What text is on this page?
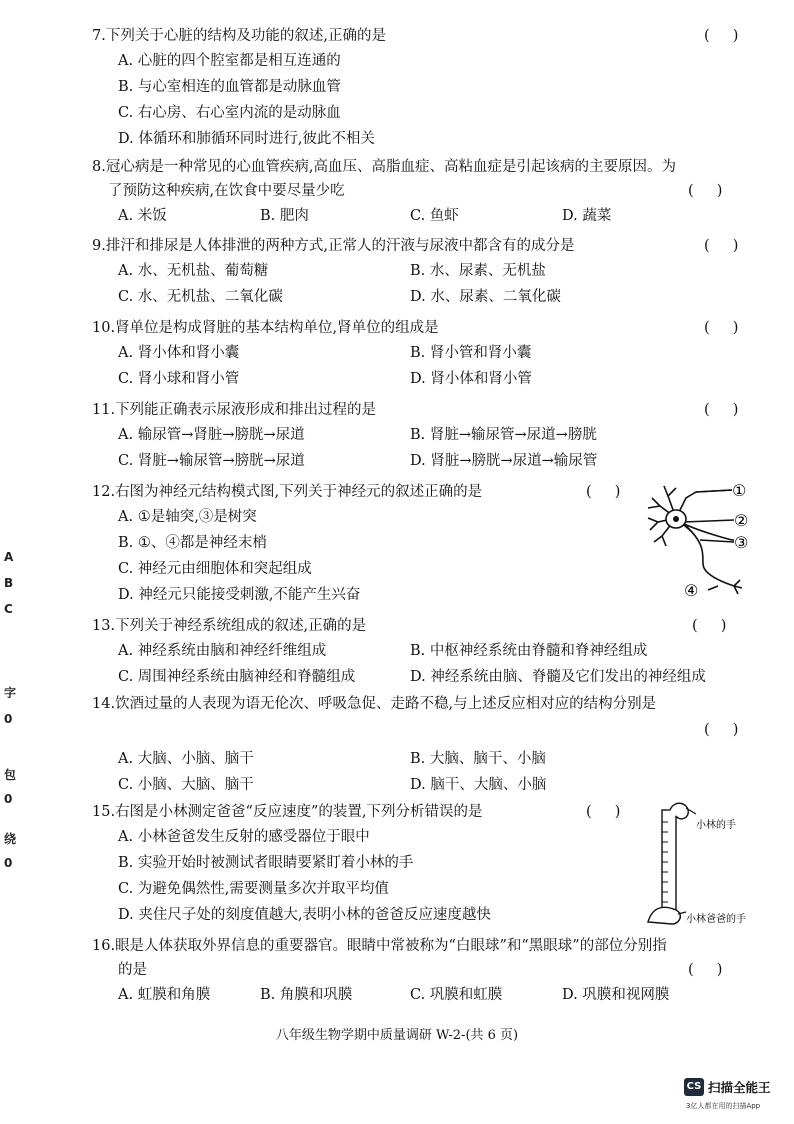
7.下列关于心脏的结构及功能的叙述,正确的是	(     )
A. 心脏的四个腔室都是相互连通的
B. 与心室相连的血管都是动脉血管
C. 右心房、右心室内流的是动脉血
D. 体循环和肺循环同时进行,彼此不相关
8.冠心病是一种常见的心血管疾病,高血压、高脂血症、高粘血症是引起该病的主要原因。为
了预防这种疾病,在饮食中要尽量少吃	(     )
A. 米饭	B. 肥肉	C. 鱼虾	D. 蔬菜
9.排汗和排尿是人体排泄的两种方式,正常人的汗液与尿液中都含有的成分是	(     )
A. 水、无机盐、葡萄糖	B. 水、尿素、无机盐
C. 水、无机盐、二氧化碳	D. 水、尿素、二氧化碳
10.肾单位是构成肾脏的基本结构单位,肾单位的组成是	(     )
A. 肾小体和肾小囊	B. 肾小管和肾小囊
C. 肾小球和肾小管	D. 肾小体和肾小管
11.下列能正确表示尿液形成和排出过程的是	(     )
A. 输尿管→肾脏→膀胱→尿道	B. 肾脏→输尿管→尿道→膀胱
C. 肾脏→输尿管→膀胱→尿道	D. 肾脏→膀胱→尿道→输尿管
12.右图为神经元结构模式图,下列关于神经元的叙述正确的是	(     )
A. ①是轴突,③是树突
B. ①、④都是神经末梢
C. 神经元由细胞体和突起组成
D. 神经元只能接受刺激,不能产生兴奋
①
②
③
④
13.下列关于神经系统组成的叙述,正确的是	(     )
A. 神经系统由脑和神经纤维组成	B. 中枢神经系统由脊髓和脊神经组成
C. 周围神经系统由脑神经和脊髓组成	D. 神经系统由脑、脊髓及它们发出的神经组成
14.饮酒过量的人表现为语无伦次、呼吸急促、走路不稳,与上述反应相对应的结构分别是
(     )
A. 大脑、小脑、脑干	B. 大脑、脑干、小脑
C. 小脑、大脑、脑干	D. 脑干、大脑、小脑
15.右图是小林测定爸爸“反应速度”的装置,下列分析错误的是	(     )
A. 小林爸爸发生反射的感受器位于眼中
B. 实验开始时被测试者眼睛要紧盯着小林的手
C. 为避免偶然性,需要测量多次并取平均值
D. 夹住尺子处的刻度值越大,表明小林的爸爸反应速度越快
小林的手
小林爸爸的手
16.眼是人体获取外界信息的重要器官。眼睛中常被称为“白眼球”和“黑眼球”的部位分别指
的是	(     )
A. 虹膜和角膜	B. 角膜和巩膜	C. 巩膜和虹膜	D. 巩膜和视网膜
八年级生物学期中质量调研 W-2-(共 6 页)
A
B
C
字
0
包
0
绕
0
CS 扫描全能王
3亿人都在用的扫描App
